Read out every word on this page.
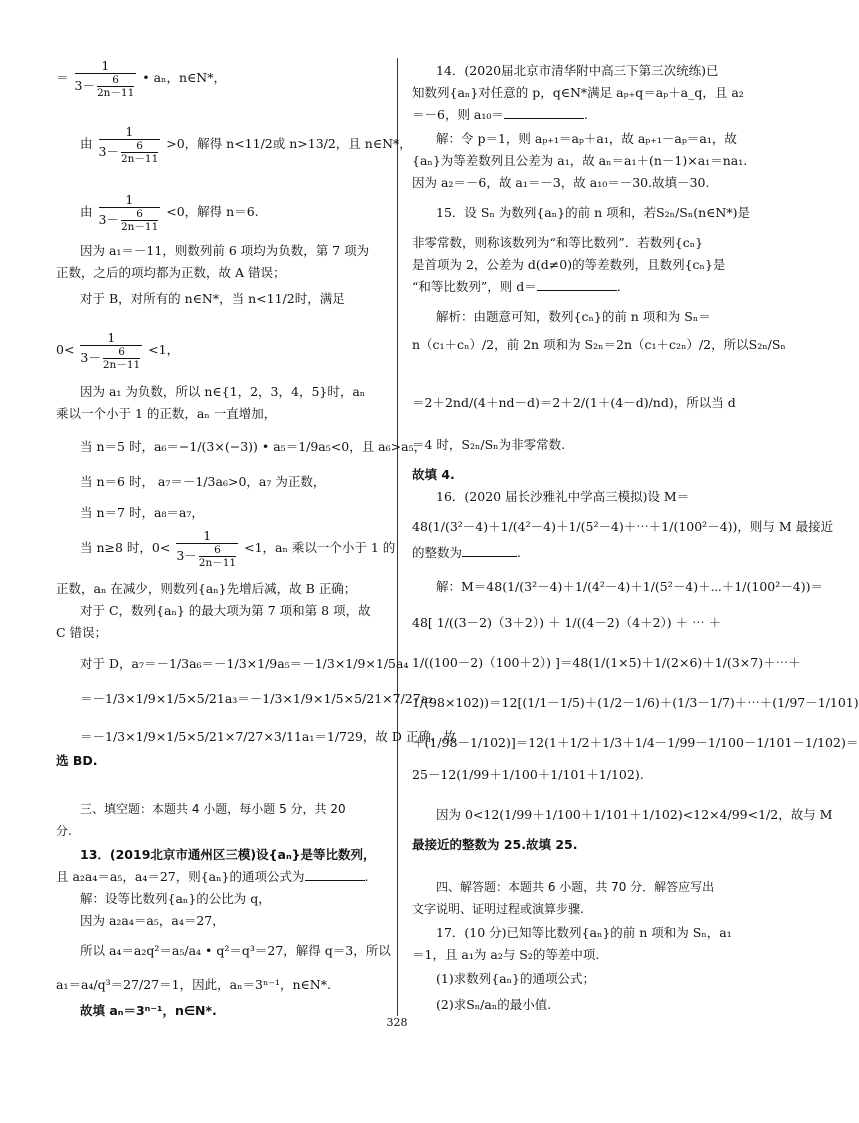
＝ $\frac{1}{3- \frac{6}{2n-11}}$ • aₙ，n∈N*，
由 $\frac{1}{3- \frac{6}{2n-11}} >0$，解得 n<11/2或 n>13/2，且 n∈N*，
由 $\frac{1}{3- \frac{6}{2n-11}} <0$，解得 n＝6.
因为 a₁＝－11，则数列前 6 项均为负数，第 7 项为
正数，之后的项均都为正数，故 A 错误；
对于 B，对所有的 n∈N*，当 n<11/2时，满足
$0< \frac{1}{3- \frac{6}{2n-11}} <1$，
因为 a₁ 为负数，所以 n∈{1，2，3，4，5}时，aₙ
乘以一个小于 1 的正数，aₙ 一直增加，
当 n＝5 时，a₆＝−1/(3×(−3)) • a₅＝1/9a₅<0，且 a₆>a₅，
当 n＝6 时， a₇＝－1/3a₆>0，a₇ 为正数，
当 n＝7 时，a₈＝a₇，
当 n≥8 时，$0< \frac{1}{3- \frac{6}{2n-11}} <1$，aₙ 乘以一个小于 1 的
正数，aₙ 在减少，则数列{aₙ}先增后减，故 B 正确；
对于 C，数列{aₙ} 的最大项为第 7 项和第 8 项，故
C 错误；
对于 D，a₇＝－1/3a₆＝－1/3×1/9a₅＝－1/3×1/9×1/5a₄
＝－1/3×1/9×1/5×5/21a₃＝－1/3×1/9×1/5×5/21×7/27a₂
＝－1/3×1/9×1/5×5/21×7/27×3/11a₁＝1/729，故 D 正确．故
选 BD.
三、填空题：本题共 4 小题，每小题 5 分，共 20
分.
13．(2019北京市通州区三模)设{aₙ}是等比数列，
且 a₂a₄＝a₅，a₄＝27，则{aₙ}的通项公式为	.
解：设等比数列{aₙ}的公比为 q，
因为 a₂a₄＝a₅，a₄＝27，
所以 a₄＝a₂q²＝a₅/a₄ • q²＝q³＝27，解得 q＝3，所以
a₁＝a₄/q³＝27/27＝1，因此，aₙ＝3ⁿ⁻¹，n∈N*.
故填 aₙ＝3ⁿ⁻¹，n∈N*.
14．(2020届北京市清华附中高三下第三次统练)已
知数列{aₙ}对任意的 p，q∈N*满足 aₚ₊q＝aₚ＋a_q，且 a₂
＝－6，则 a₁₀＝	.
解：令 p＝1，则 aₚ₊₁＝aₚ＋a₁，故 aₚ₊₁－aₚ＝a₁，故
{aₙ}为等差数列且公差为 a₁，故 aₙ＝a₁＋(n－1)×a₁＝na₁.
因为 a₂＝－6，故 a₁＝－3，故 a₁₀＝－30.故填－30.
15．设 Sₙ 为数列{aₙ}的前 n 项和，若S₂ₙ/Sₙ(n∈N*)是
非零常数，则称该数列为“和等比数列”．若数列{cₙ}
是首项为 2，公差为 d(d≠0)的等差数列，且数列{cₙ}是
“和等比数列”，则 d＝	.
解析：由题意可知，数列{cₙ}的前 n 项和为 Sₙ＝
n（c₁＋cₙ）/2，前 2n 项和为 S₂ₙ＝2n（c₁＋c₂ₙ）/2，所以S₂ₙ/Sₙ
＝2＋2nd/(4＋nd－d)＝2＋2/(1＋(4－d)/nd)，所以当 d
＝4 时，S₂ₙ/Sₙ为非零常数.
故填 4.
16．(2020 届长沙雅礼中学高三模拟)设 M＝
48(1/(3²－4)＋1/(4²－4)＋1/(5²－4)＋⋯＋1/(100²－4))，则与 M 最接近
的整数为	.
解：M＝48(1/(3²－4)＋1/(4²－4)＋1/(5²－4)＋⋯＋1/(100²－4))＝
48[ 1/((3－2)（3＋2）) ＋ 1/((4－2)（4＋2）) ＋ ⋯ ＋
1/((100－2)（100＋2）) ]＝48(1/(1×5)＋1/(2×6)＋1/(3×7)＋⋯＋
1/(98×102))＝12[(1/1－1/5)＋(1/2－1/6)＋(1/3－1/7)＋⋯＋(1/97－1/101)
＋(1/98－1/102)]＝12(1＋1/2＋1/3＋1/4－1/99－1/100－1/101－1/102)＝
25－12(1/99＋1/100＋1/101＋1/102).
因为 0<12(1/99＋1/100＋1/101＋1/102)<12×4/99<1/2，故与 M
最接近的整数为 25.故填 25.
四、解答题：本题共 6 小题，共 70 分．解答应写出
文字说明、证明过程或演算步骤.
17．(10 分)已知等比数列{aₙ}的前 n 项和为 Sₙ，a₁
＝1，且 a₁为 a₂与 S₂的等差中项.
(1)求数列{aₙ}的通项公式；
(2)求Sₙ/aₙ的最小值.
328
